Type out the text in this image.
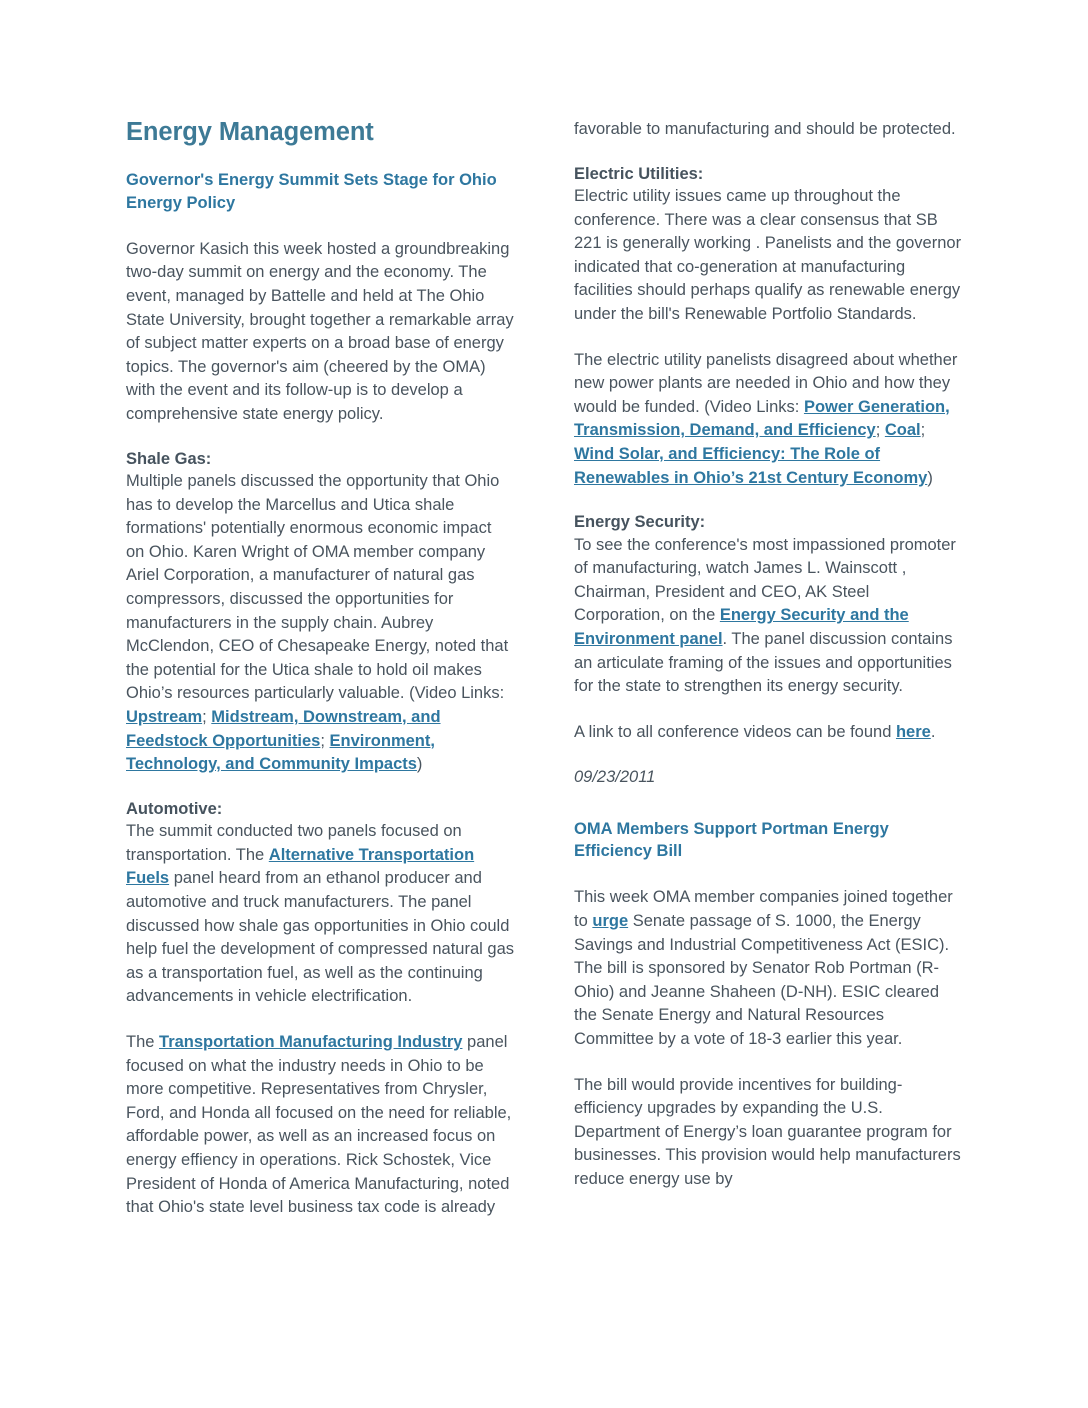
Energy Management
Governor's Energy Summit Sets Stage for Ohio Energy Policy

Governor Kasich this week hosted a groundbreaking two-day summit on energy and the economy. The event, managed by Battelle and held at The Ohio State University, brought together a remarkable array of subject matter experts on a broad base of energy topics. The governor's aim (cheered by the OMA) with the event and its follow-up is to develop a comprehensive state energy policy.

Shale Gas:

Multiple panels discussed the opportunity that Ohio has to develop the Marcellus and Utica shale formations' potentially enormous economic impact on Ohio. Karen Wright of OMA member company Ariel Corporation, a manufacturer of natural gas compressors, discussed the opportunities for manufacturers in the supply chain. Aubrey McClendon, CEO of Chesapeake Energy, noted that the potential for the Utica shale to hold oil makes Ohio’s resources particularly valuable. (Video Links: Upstream; Midstream, Downstream, and Feedstock Opportunities; Environment, Technology, and Community Impacts)

Automotive:

The summit conducted two panels focused on transportation. The Alternative Transportation Fuels panel heard from an ethanol producer and automotive and truck manufacturers. The panel discussed how shale gas opportunities in Ohio could help fuel the development of compressed natural gas as a transportation fuel, as well as the continuing advancements in vehicle electrification.

The Transportation Manufacturing Industry panel focused on what the industry needs in Ohio to be more competitive. Representatives from Chrysler, Ford, and Honda all focused on the need for reliable, affordable power, as well as an increased focus on energy effiency in operations. Rick Schostek, Vice President of Honda of America Manufacturing, noted that Ohio's state level business tax code is already

favorable to manufacturing and should be protected.

Electric Utilities:

Electric utility issues came up throughout the conference. There was a clear consensus that SB 221 is generally working . Panelists and the governor indicated that co-generation at manufacturing facilities should perhaps qualify as renewable energy under the bill's Renewable Portfolio Standards.

The electric utility panelists disagreed about whether new power plants are needed in Ohio and how they would be funded. (Video Links: Power Generation, Transmission, Demand, and Efficiency; Coal; Wind Solar, and Efficiency: The Role of Renewables in Ohio’s 21st Century Economy)

Energy Security:

To see the conference's most impassioned promoter of manufacturing, watch James L. Wainscott , Chairman, President and CEO, AK Steel Corporation, on the Energy Security and the Environment panel. The panel discussion contains an articulate framing of the issues and opportunities for the state to strengthen its energy security.

A link to all conference videos can be found here.

09/23/2011

OMA Members Support Portman Energy Efficiency Bill

This week OMA member companies joined together to urge Senate passage of S. 1000, the Energy Savings and Industrial Competitiveness Act (ESIC). The bill is sponsored by Senator Rob Portman (R-Ohio) and Jeanne Shaheen (D-NH). ESIC cleared the Senate Energy and Natural Resources Committee by a vote of 18-3 earlier this year.

The bill would provide incentives for building-efficiency upgrades by expanding the U.S. Department of Energy’s loan guarantee program for businesses. This provision would help manufacturers reduce energy use by
